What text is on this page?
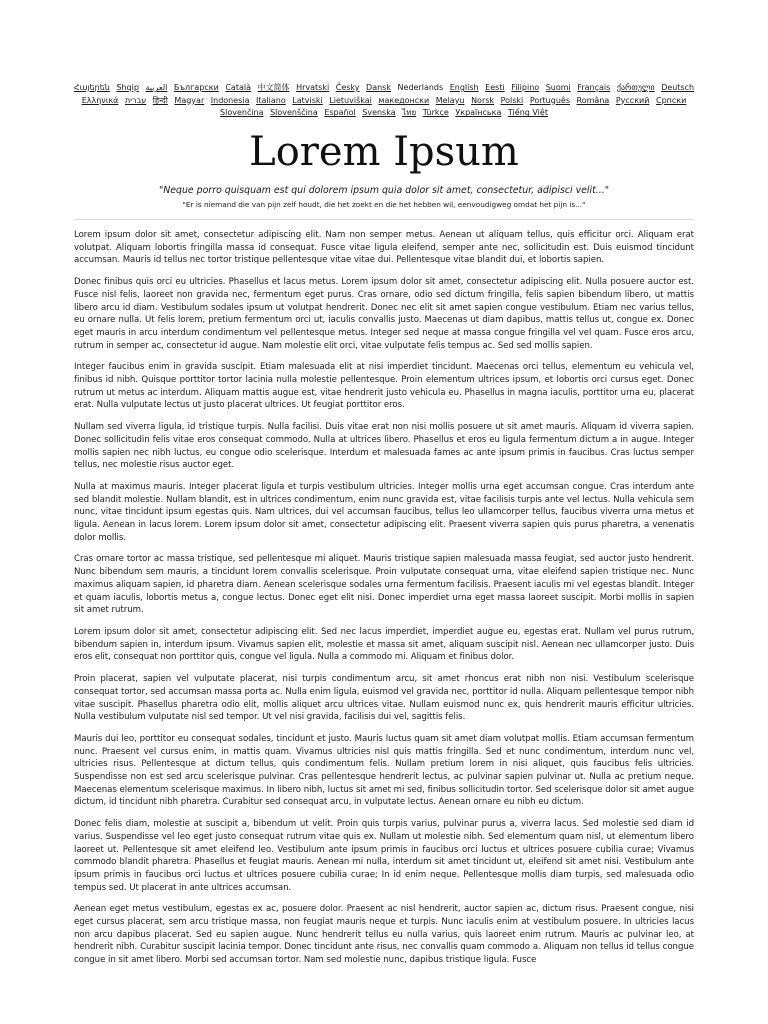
Հայերեն Shqip العربية Български Català 中文简体 Hrvatski Česky Dansk Nederlands English Eesti Filipino Suomi Français ქართული Deutsch Ελληνικά עברית हिन्दी Magyar Indonesia Italiano Latviski Lietuviškai македонски Melayu Norsk Polski Português Româna Pyccкий Српски Slovenčina Slovenščina Español Svenska ไทย Türkçe Українська Tiếng Việt
Lorem Ipsum

"Neque porro quisquam est qui dolorem ipsum quia dolor sit amet, consectetur, adipisci velit..."

"Er is niemand die van pijn zelf houdt, die het zoekt en die het hebben wil, eenvoudigweg omdat het pijn is..."

Lorem ipsum dolor sit amet, consectetur adipiscing elit. Nam non semper metus. Aenean ut aliquam tellus, quis efficitur orci. Aliquam erat volutpat. Aliquam lobortis fringilla massa id consequat. Fusce vitae ligula eleifend, semper ante nec, sollicitudin est. Duis euismod tincidunt accumsan. Mauris id tellus nec tortor tristique pellentesque vitae vitae dui. Pellentesque vitae blandit dui, et lobortis sapien.

Donec finibus quis orci eu ultricies. Phasellus et lacus metus. Lorem ipsum dolor sit amet, consectetur adipiscing elit. Nulla posuere auctor est. Fusce nisl felis, laoreet non gravida nec, fermentum eget purus. Cras ornare, odio sed dictum fringilla, felis sapien bibendum libero, ut mattis libero arcu id diam. Vestibulum sodales ipsum ut volutpat hendrerit. Donec nec elit sit amet sapien congue vestibulum. Etiam nec varius tellus, eu ornare nulla. Ut felis lorem, pretium fermentum orci ut, iaculis convallis justo. Maecenas ut diam dapibus, mattis tellus ut, congue ex. Donec eget mauris in arcu interdum condimentum vel pellentesque metus. Integer sed neque at massa congue fringilla vel vel quam. Fusce eros arcu, rutrum in semper ac, consectetur id augue. Nam molestie elit orci, vitae vulputate felis tempus ac. Sed sed mollis sapien.

Integer faucibus enim in gravida suscipit. Etiam malesuada elit at nisi imperdiet tincidunt. Maecenas orci tellus, elementum eu vehicula vel, finibus id nibh. Quisque porttitor tortor lacinia nulla molestie pellentesque. Proin elementum ultrices ipsum, et lobortis orci cursus eget. Donec rutrum ut metus ac interdum. Aliquam mattis augue est, vitae hendrerit justo vehicula eu. Phasellus in magna iaculis, porttitor urna eu, placerat erat. Nulla vulputate lectus ut justo placerat ultrices. Ut feugiat porttitor eros.

Nullam sed viverra ligula, id tristique turpis. Nulla facilisi. Duis vitae erat non nisi mollis posuere ut sit amet mauris. Aliquam id viverra sapien. Donec sollicitudin felis vitae eros consequat commodo. Nulla at ultrices libero. Phasellus et eros eu ligula fermentum dictum a in augue. Integer mollis sapien nec nibh luctus, eu congue odio scelerisque. Interdum et malesuada fames ac ante ipsum primis in faucibus. Cras luctus semper tellus, nec molestie risus auctor eget.

Nulla at maximus mauris. Integer placerat ligula et turpis vestibulum ultricies. Integer mollis urna eget accumsan congue. Cras interdum ante sed blandit molestie. Nullam blandit, est in ultrices condimentum, enim nunc gravida est, vitae facilisis turpis ante vel lectus. Nulla vehicula sem nunc, vitae tincidunt ipsum egestas quis. Nam ultrices, dui vel accumsan faucibus, tellus leo ullamcorper tellus, faucibus viverra urna metus et ligula. Aenean in lacus lorem. Lorem ipsum dolor sit amet, consectetur adipiscing elit. Praesent viverra sapien quis purus pharetra, a venenatis dolor mollis.

Cras ornare tortor ac massa tristique, sed pellentesque mi aliquet. Mauris tristique sapien malesuada massa feugiat, sed auctor justo hendrerit. Nunc bibendum sem mauris, a tincidunt lorem convallis scelerisque. Proin vulputate consequat urna, vitae eleifend sapien tristique nec. Nunc maximus aliquam sapien, id pharetra diam. Aenean scelerisque sodales urna fermentum facilisis. Praesent iaculis mi vel egestas blandit. Integer et quam iaculis, lobortis metus a, congue lectus. Donec eget elit nisi. Donec imperdiet urna eget massa laoreet suscipit. Morbi mollis in sapien sit amet rutrum.

Lorem ipsum dolor sit amet, consectetur adipiscing elit. Sed nec lacus imperdiet, imperdiet augue eu, egestas erat. Nullam vel purus rutrum, bibendum sapien in, interdum ipsum. Vivamus sapien elit, molestie et massa sit amet, aliquam suscipit nisl. Aenean nec ullamcorper justo. Duis eros elit, consequat non porttitor quis, congue vel ligula. Nulla a commodo mi. Aliquam et finibus dolor.

Proin placerat, sapien vel vulputate placerat, nisi turpis condimentum arcu, sit amet rhoncus erat nibh non nisi. Vestibulum scelerisque consequat tortor, sed accumsan massa porta ac. Nulla enim ligula, euismod vel gravida nec, porttitor id nulla. Aliquam pellentesque tempor nibh vitae suscipit. Phasellus pharetra odio elit, mollis aliquet arcu ultrices vitae. Nullam euismod nunc ex, quis hendrerit mauris efficitur ultricies. Nulla vestibulum vulputate nisl sed tempor. Ut vel nisi gravida, facilisis dui vel, sagittis felis.

Mauris dui leo, porttitor eu consequat sodales, tincidunt et justo. Mauris luctus quam sit amet diam volutpat mollis. Etiam accumsan fermentum nunc. Praesent vel cursus enim, in mattis quam. Vivamus ultricies nisl quis mattis fringilla. Sed et nunc condimentum, interdum nunc vel, ultricies risus. Pellentesque at dictum tellus, quis condimentum felis. Nullam pretium lorem in nisi aliquet, quis faucibus felis ultricies. Suspendisse non est sed arcu scelerisque pulvinar. Cras pellentesque hendrerit lectus, ac pulvinar sapien pulvinar ut. Nulla ac pretium neque. Maecenas elementum scelerisque maximus. In libero nibh, luctus sit amet mi sed, finibus sollicitudin tortor. Sed scelerisque dolor sit amet augue dictum, id tincidunt nibh pharetra. Curabitur sed consequat arcu, in vulputate lectus. Aenean ornare eu nibh eu dictum.

Donec felis diam, molestie at suscipit a, bibendum ut velit. Proin quis turpis varius, pulvinar purus a, viverra lacus. Sed molestie sed diam id varius. Suspendisse vel leo eget justo consequat rutrum vitae quis ex. Nullam ut molestie nibh. Sed elementum quam nisl, ut elementum libero laoreet ut. Pellentesque sit amet eleifend leo. Vestibulum ante ipsum primis in faucibus orci luctus et ultrices posuere cubilia curae; Vivamus commodo blandit pharetra. Phasellus et feugiat mauris. Aenean mi nulla, interdum sit amet tincidunt ut, eleifend sit amet nisi. Vestibulum ante ipsum primis in faucibus orci luctus et ultrices posuere cubilia curae; In id enim neque. Pellentesque mollis diam turpis, sed malesuada odio tempus sed. Ut placerat in ante ultrices accumsan.

Aenean eget metus vestibulum, egestas ex ac, posuere dolor. Praesent ac nisl hendrerit, auctor sapien ac, dictum risus. Praesent congue, nisi eget cursus placerat, sem arcu tristique massa, non feugiat mauris neque et turpis. Nunc iaculis enim at vestibulum posuere. In ultricies lacus non arcu dapibus placerat. Sed eu sapien augue. Nunc hendrerit tellus eu nulla varius, quis laoreet enim rutrum. Mauris ac pulvinar leo, at hendrerit nibh. Curabitur suscipit lacinia tempor. Donec tincidunt ante risus, nec convallis quam commodo a. Aliquam non tellus id tellus congue congue in sit amet libero. Morbi sed accumsan tortor. Nam sed molestie nunc, dapibus tristique ligula. Fusce
